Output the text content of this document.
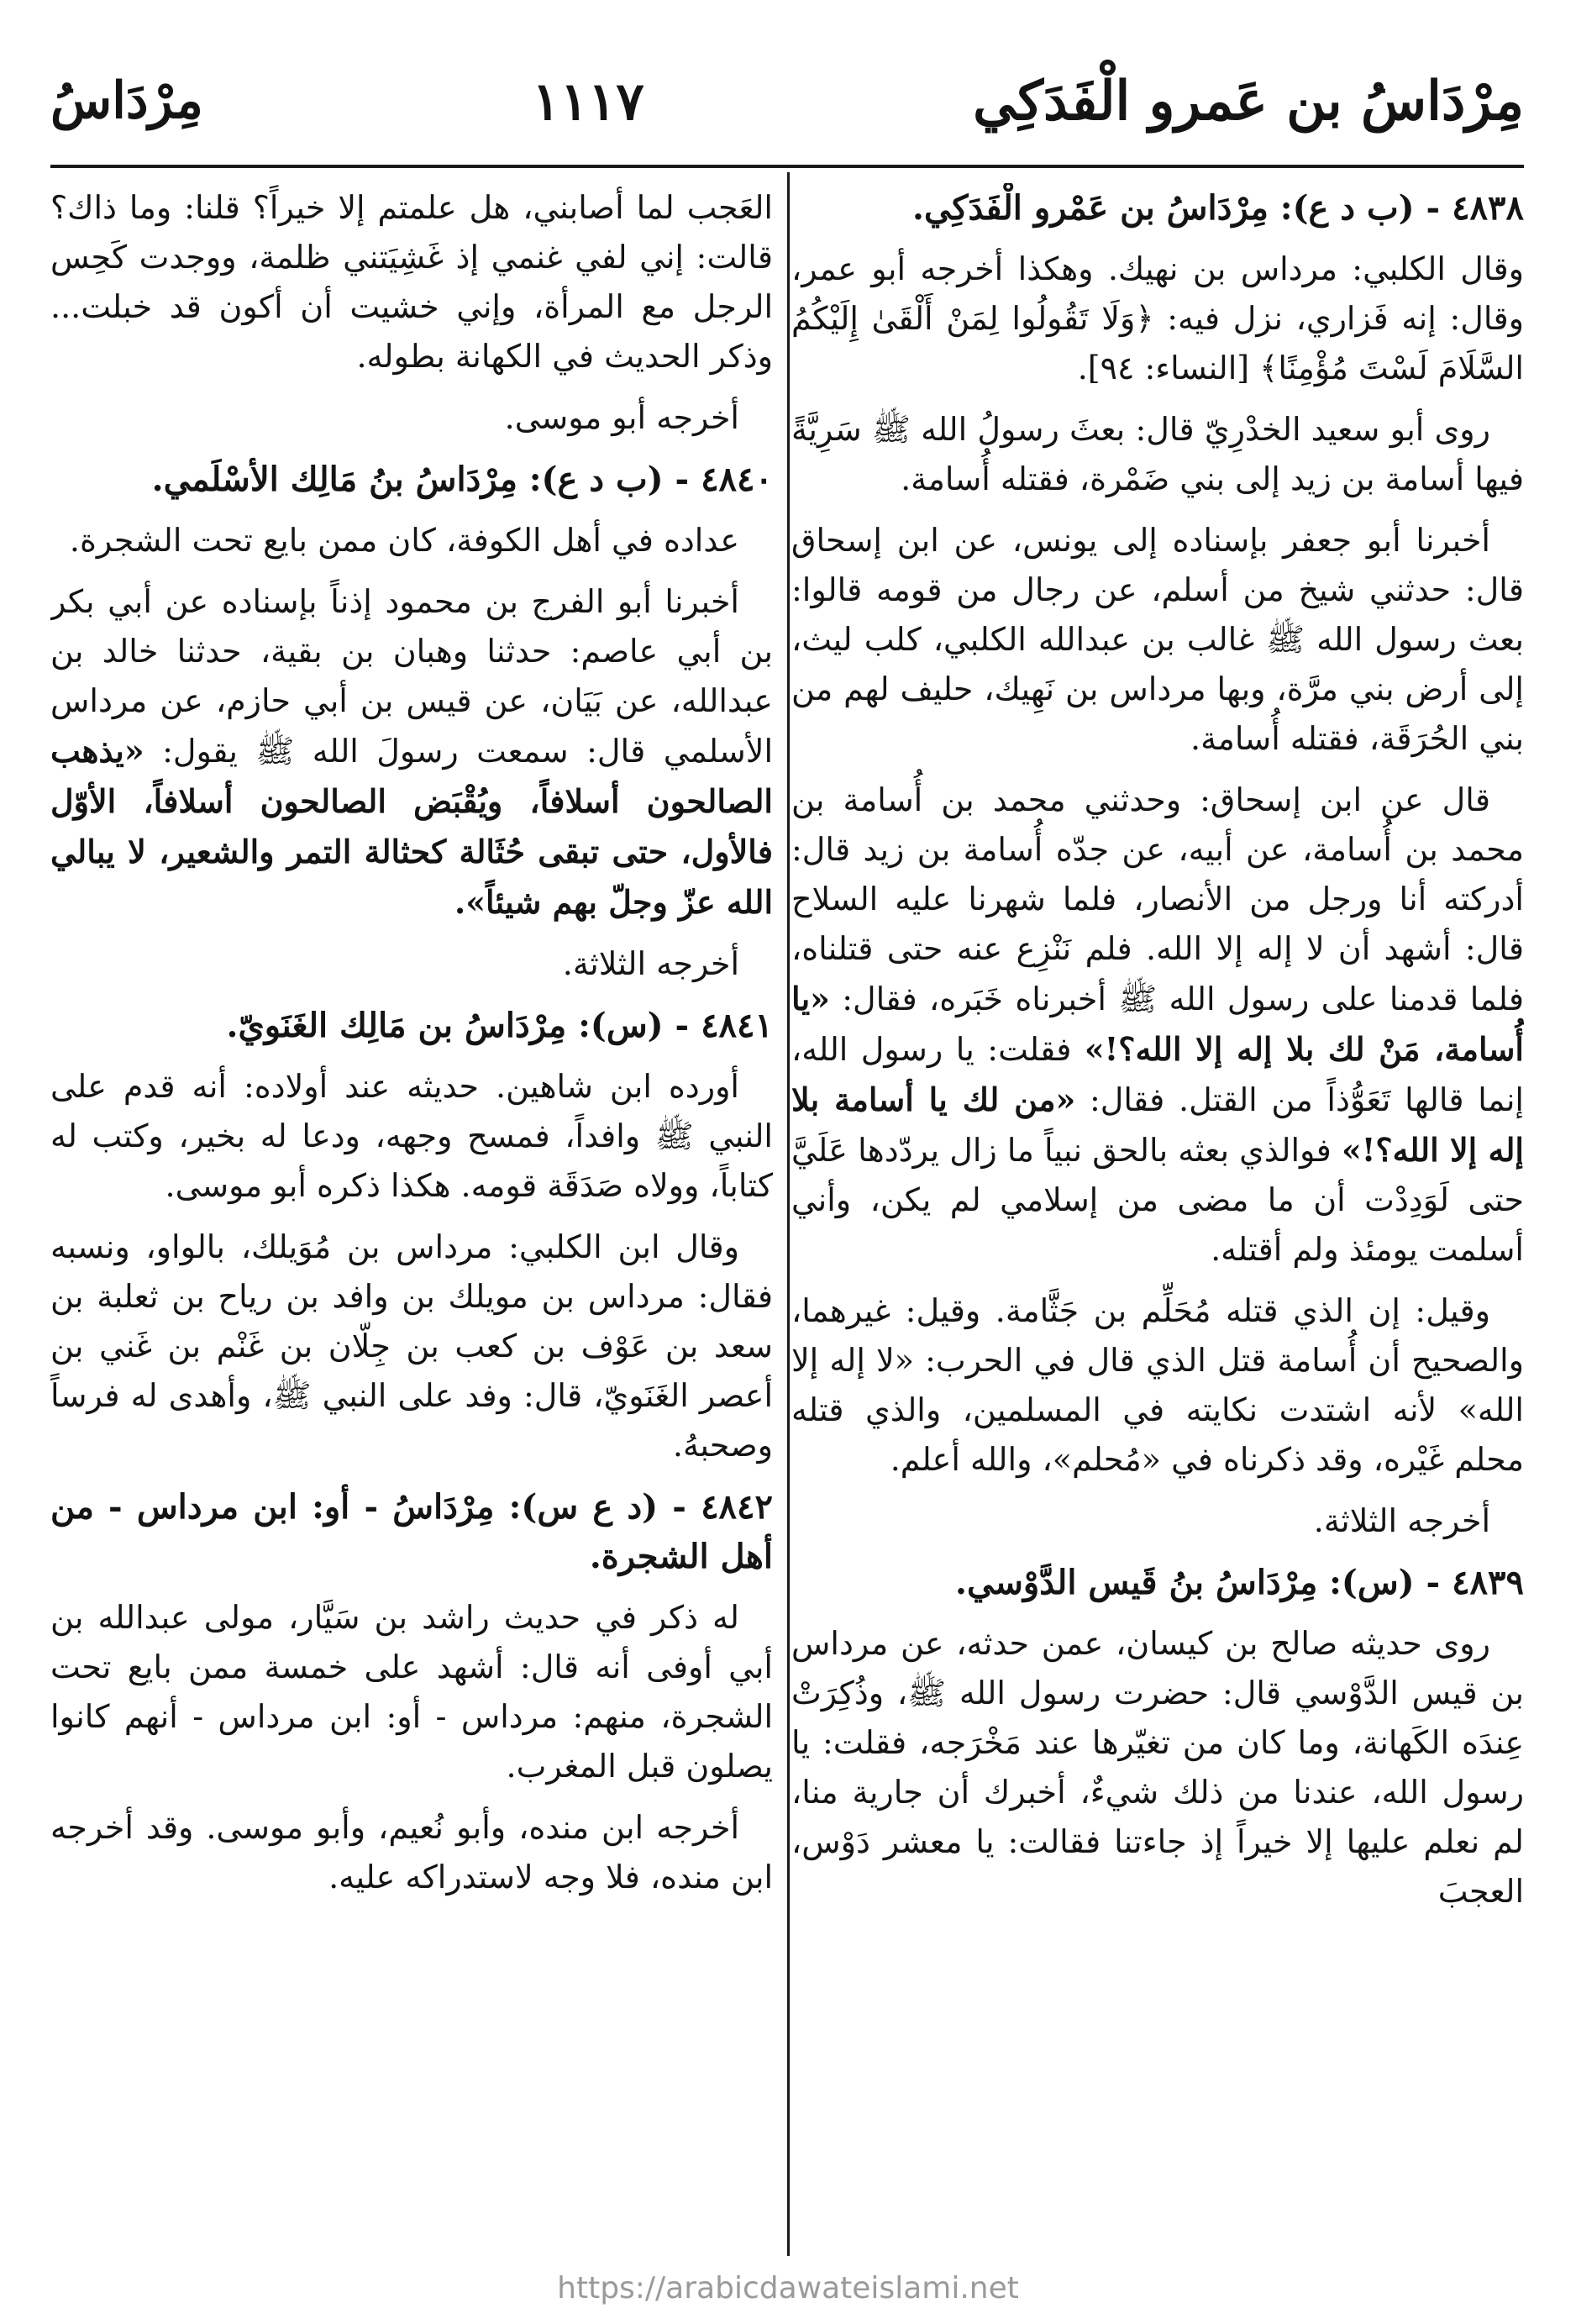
مِرْدَاسُ بن عَمرو الْفَدَكِي
١١١٧
مِرْدَاسُ

٤٨٣٨ - (ب د ع): مِرْدَاسُ بن عَمْرو الْفَدَكِي.

وقال الكلبي: مرداس بن نهيك. وهكذا أخرجه أبو عمر، وقال: إنه فَزاري، نزل فيه: ﴿وَلَا تَقُولُوا لِمَنْ أَلْقَىٰ إِلَيْكُمُ السَّلَامَ لَسْتَ مُؤْمِنًا﴾ [النساء: ٩٤].

روى أبو سعيد الخدْرِيّ قال: بعثَ رسولُ الله ﷺ سَرِيَّةً فيها أسامة بن زيد إلى بني ضَمْرة، فقتله أُسامة.

أخبرنا أبو جعفر بإسناده إلى يونس، عن ابن إسحاق قال: حدثني شيخ من أسلم، عن رجال من قومه قالوا: بعث رسول الله ﷺ غالب بن عبدالله الكلبي، كلب ليث، إلى أرض بني مرَّة، وبها مرداس بن نَهِيك، حليف لهم من بني الحُرَقَة، فقتله أُسامة.

قال عن ابن إسحاق: وحدثني محمد بن أُسامة بن محمد بن أُسامة، عن أبيه، عن جدّه أُسامة بن زيد قال: أدركته أنا ورجل من الأنصار، فلما شهرنا عليه السلاح قال: أشهد أن لا إله إلا الله. فلم نَنْزِع عنه حتى قتلناه، فلما قدمنا على رسول الله ﷺ أخبرناه خَبَره، فقال: «يا أُسامة، مَنْ لك بلا إله إلا الله؟!» فقلت: يا رسول الله، إنما قالها تَعَوُّذاً من القتل. فقال: «من لك يا أسامة بلا إله إلا الله؟!» فوالذي بعثه بالحق نبياً ما زال يردّدها عَلَيَّ حتى لَوَدِدْت أن ما مضى من إسلامي لم يكن، وأني أسلمت يومئذ ولم أقتله.

وقيل: إن الذي قتله مُحَلِّم بن جَثَّامة. وقيل: غيرهما، والصحيح أن أُسامة قتل الذي قال في الحرب: «لا إله إلا الله» لأنه اشتدت نكايته في المسلمين، والذي قتله محلم غَيْره، وقد ذكرناه في «مُحلم»، والله أعلم.

أخرجه الثلاثة.

٤٨٣٩ - (س): مِرْدَاسُ بنُ قَيس الدَّوْسي.

روى حديثه صالح بن كيسان، عمن حدثه، عن مرداس بن قيس الدَّوْسي قال: حضرت رسول الله ﷺ، وذُكِرَتْ عِندَه الكَهانة، وما كان من تغيّرها عند مَخْرَجه، فقلت: يا رسول الله، عندنا من ذلك شيءٌ، أخبرك أن جارية منا، لم نعلم عليها إلا خيراً إذ جاءتنا فقالت: يا معشر دَوْس، العجبَ

العَجب لما أصابني، هل علمتم إلا خيراً؟ قلنا: وما ذاك؟ قالت: إني لفي غنمي إذ غَشِيَتني ظلمة، ووجدت كَحِس الرجل مع المرأة، وإني خشيت أن أكون قد خبلت... وذكر الحديث في الكهانة بطوله.

أخرجه أبو موسى.

٤٨٤٠ - (ب د ع): مِرْدَاسُ بنُ مَالِك الأسْلَمي.

عداده في أهل الكوفة، كان ممن بايع تحت الشجرة.

أخبرنا أبو الفرج بن محمود إذناً بإسناده عن أبي بكر بن أبي عاصم: حدثنا وهبان بن بقية، حدثنا خالد بن عبدالله، عن بَيَان، عن قيس بن أبي حازم، عن مرداس الأسلمي قال: سمعت رسولَ الله ﷺ يقول: «يذهب الصالحون أسلافاً، ويُقْبَض الصالحون أسلافاً، الأوّل فالأول، حتى تبقى حُثَالة كحثالة التمر والشعير، لا يبالي الله عزّ وجلّ بهم شيئاً».

أخرجه الثلاثة.

٤٨٤١ - (س): مِرْدَاسُ بن مَالِك الغَنَويّ.

أورده ابن شاهين. حديثه عند أولاده: أنه قدم على النبي ﷺ وافداً، فمسح وجهه، ودعا له بخير، وكتب له كتاباً، وولاه صَدَقَة قومه. هكذا ذكره أبو موسى.

وقال ابن الكلبي: مرداس بن مُوَيلك، بالواو، ونسبه فقال: مرداس بن مويلك بن وافد بن رياح بن ثعلبة بن سعد بن عَوْف بن كعب بن جِلّان بن غَنْم بن غَني بن أعصر الغَنَويّ، قال: وفد على النبي ﷺ، وأهدى له فرساً وصحبهُ.

٤٨٤٢ - (د ع س): مِرْدَاسُ - أو: ابن مرداس - من أهل الشجرة.

له ذكر في حديث راشد بن سَيَّار، مولى عبدالله بن أبي أوفى أنه قال: أشهد على خمسة ممن بايع تحت الشجرة، منهم: مرداس - أو: ابن مرداس - أنهم كانوا يصلون قبل المغرب.

أخرجه ابن منده، وأبو نُعيم، وأبو موسى. وقد أخرجه ابن منده، فلا وجه لاستدراكه عليه.

https://arabicdawateislami.net
